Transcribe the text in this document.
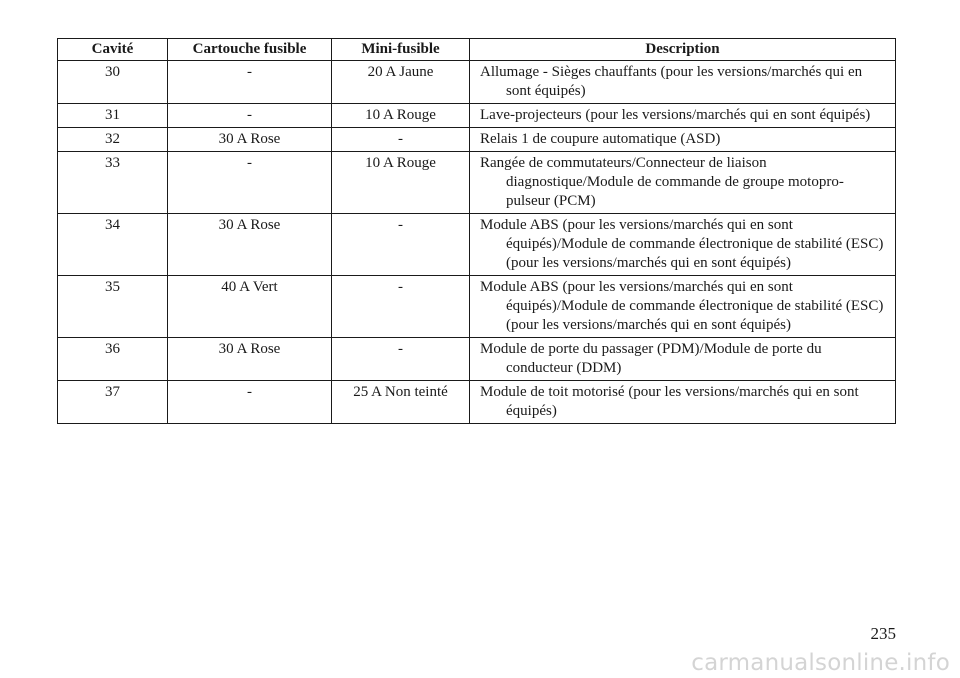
Cavité	Cartouche fusible	Mini-fusible	Description
30	-	20 A Jaune	Allumage - Sièges chauffants (pour les versions/marchés qui en sont équipés)

31	-	10 A Rouge	Lave-projecteurs (pour les versions/marchés qui en sont équipés)

32	30 A Rose	-	Relais 1 de coupure automatique (ASD)

33	-	10 A Rouge	Rangée de commutateurs/Connecteur de liaison diagnostique/Module de commande de groupe motopro-pulseur (PCM)

34	30 A Rose	-	Module ABS (pour les versions/marchés qui en sont équipés)/Module de commande électronique de stabilité (ESC) (pour les versions/marchés qui en sont équipés)

35	40 A Vert	-	Module ABS (pour les versions/marchés qui en sont équipés)/Module de commande électronique de stabilité (ESC) (pour les versions/marchés qui en sont équipés)

36	30 A Rose	-	Module de porte du passager (PDM)/Module de porte du conducteur (DDM)

37	-	25 A Non teinté	Module de toit motorisé (pour les versions/marchés qui en sont équipés)
235
carmanualsonline.info
